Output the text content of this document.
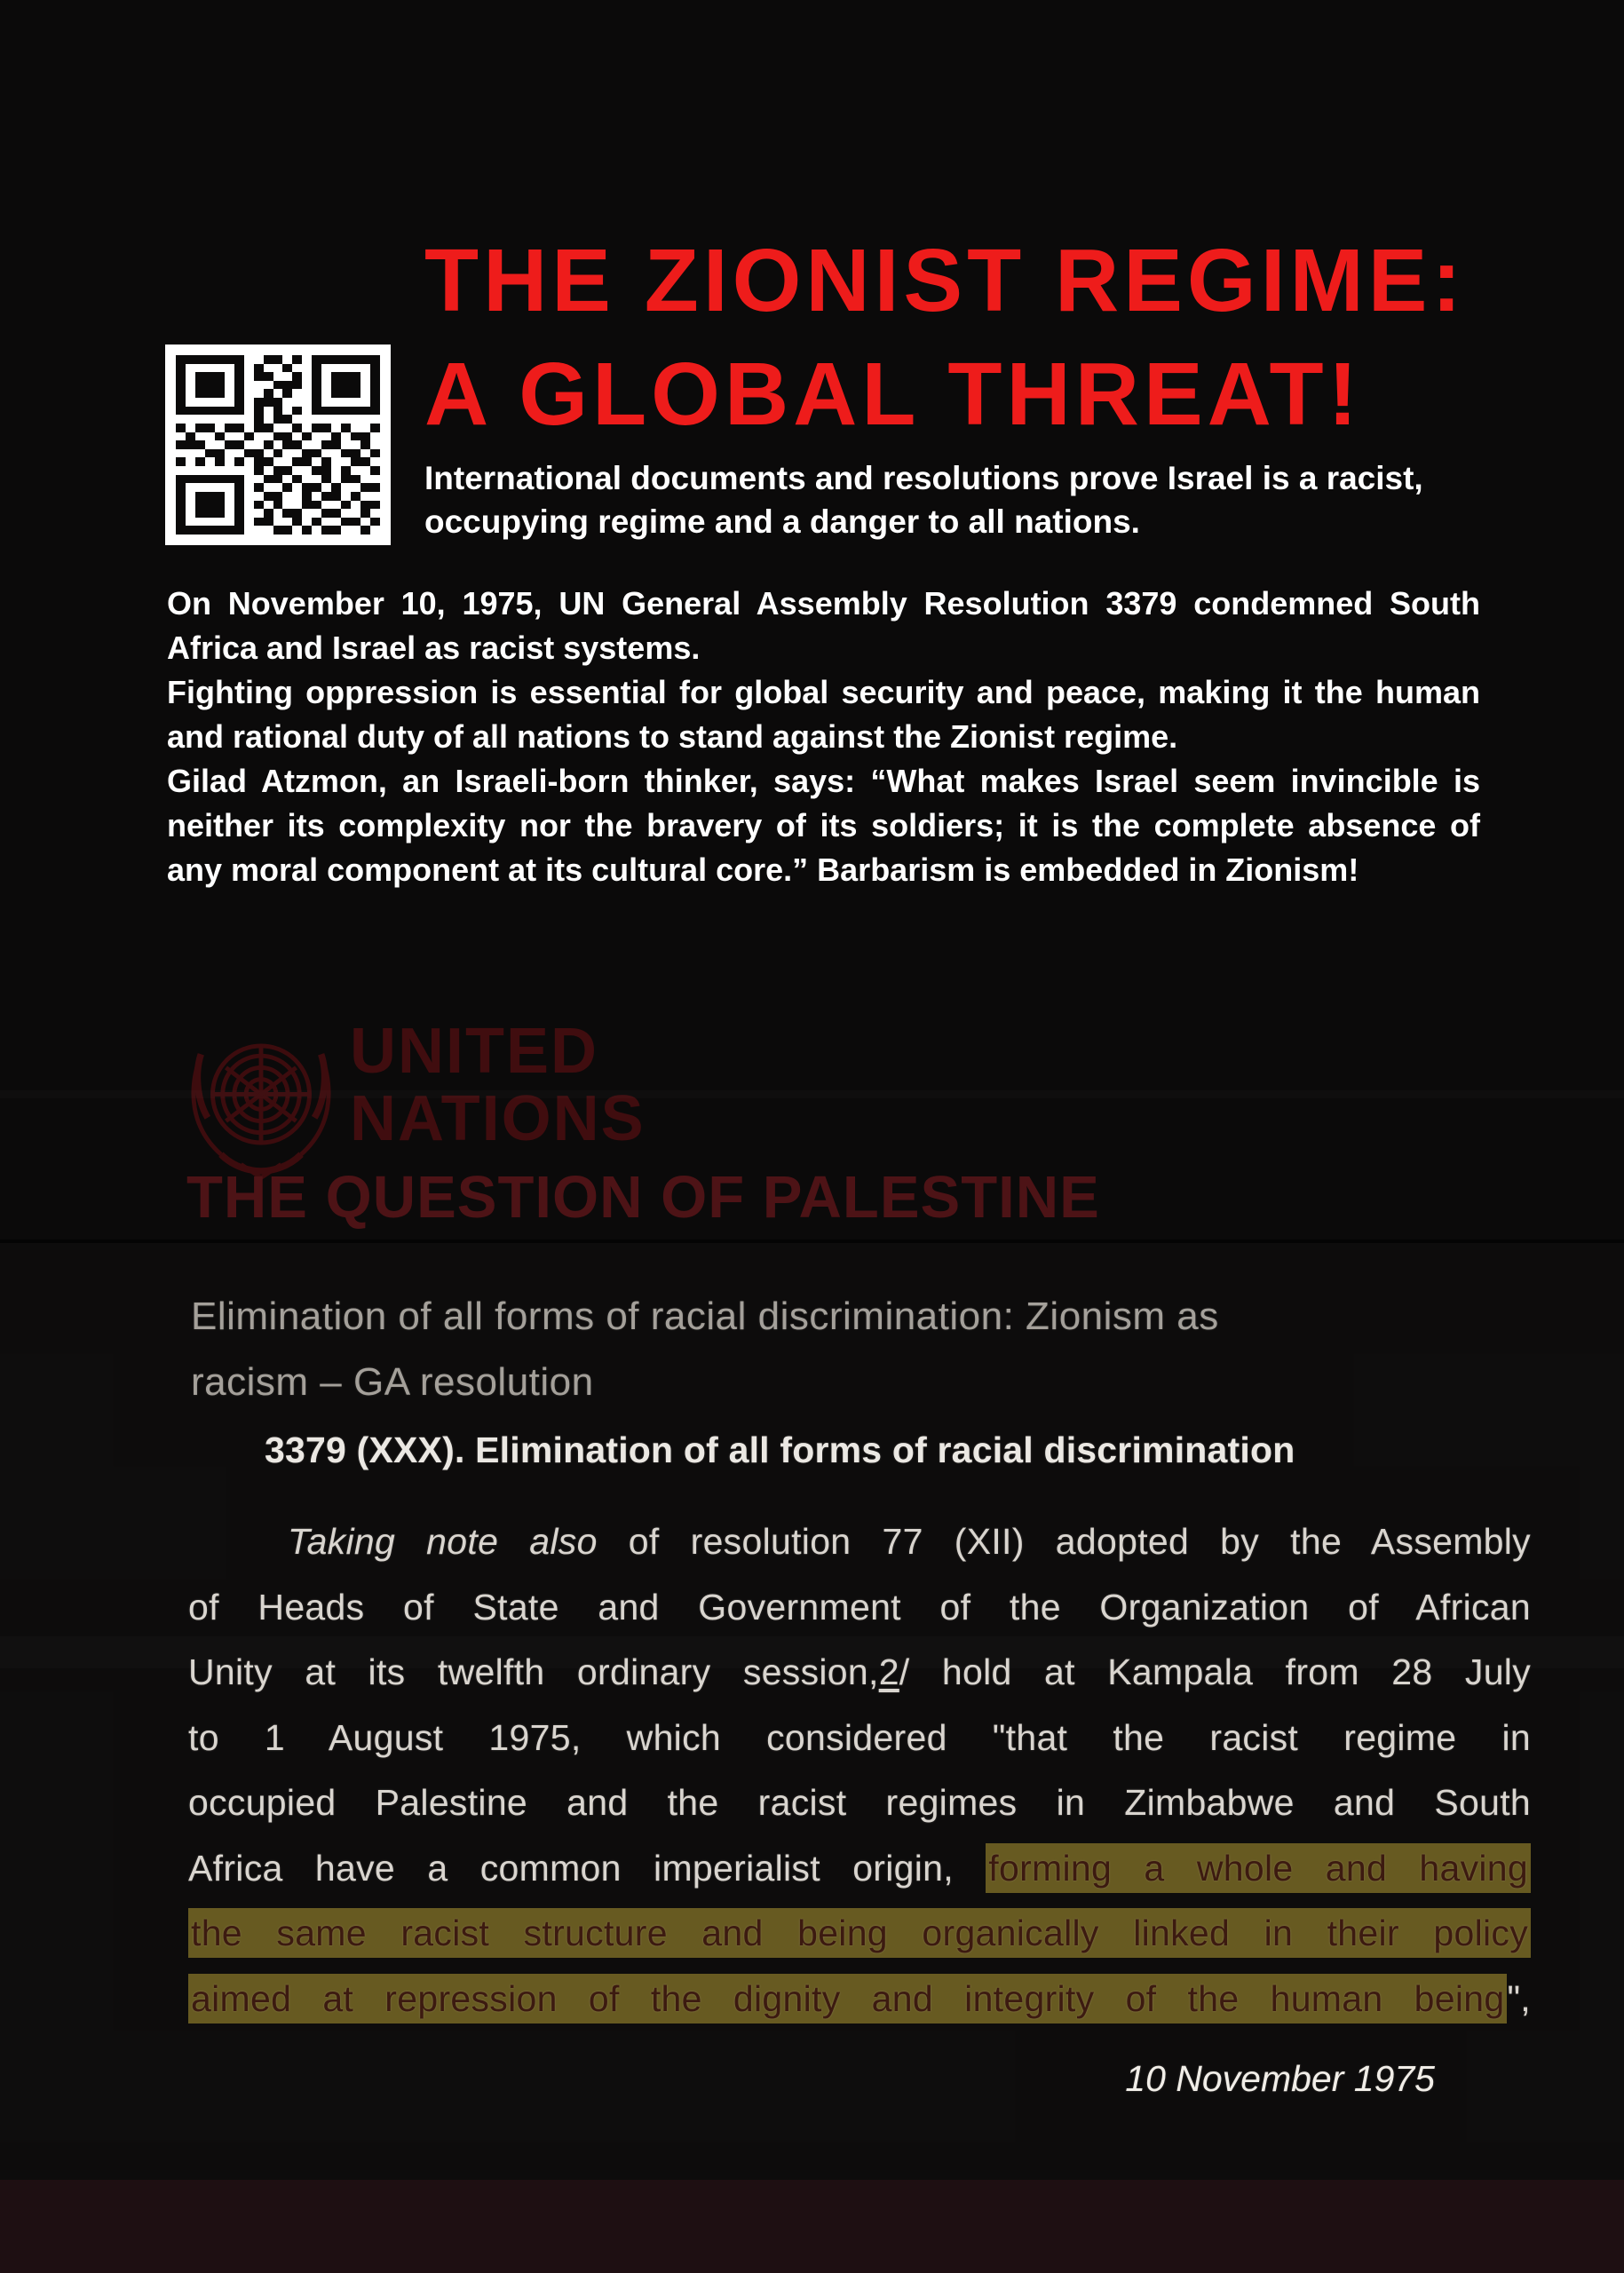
THE ZIONIST REGIME:
A GLOBAL THREAT!
International documents and resolutions prove Israel is a racist,
occupying regime and a danger to all nations.
On November 10, 1975, UN General Assembly Resolution 3379 condemned South
Africa and Israel as racist systems.
Fighting oppression is essential for global security and peace, making it the human
and rational duty of all nations to stand against the Zionist regime.
Gilad Atzmon, an Israeli-born thinker, says: “What makes Israel seem invincible is
neither its complexity nor the bravery of its soldiers; it is the complete absence of
any moral component at its cultural core.” Barbarism is embedded in Zionism!
UNITED
NATIONS
THE QUESTION OF PALESTINE
Elimination of all forms of racial discrimination: Zionism as
racism – GA resolution
3379 (XXX). Elimination of all forms of racial discrimination
Taking note also of resolution 77 (XII) adopted by the Assembly
of Heads of State and Government of the Organization of African
Unity at its twelfth ordinary session,2/ hold at Kampala from 28 July
to 1 August 1975, which considered "that the racist regime in
occupied Palestine and the racist regimes in Zimbabwe and South
Africa have a common imperialist origin, forming a whole and having
the same racist structure and being organically linked in their policy
aimed at repression of the dignity and integrity of the human being",
10 November 1975
